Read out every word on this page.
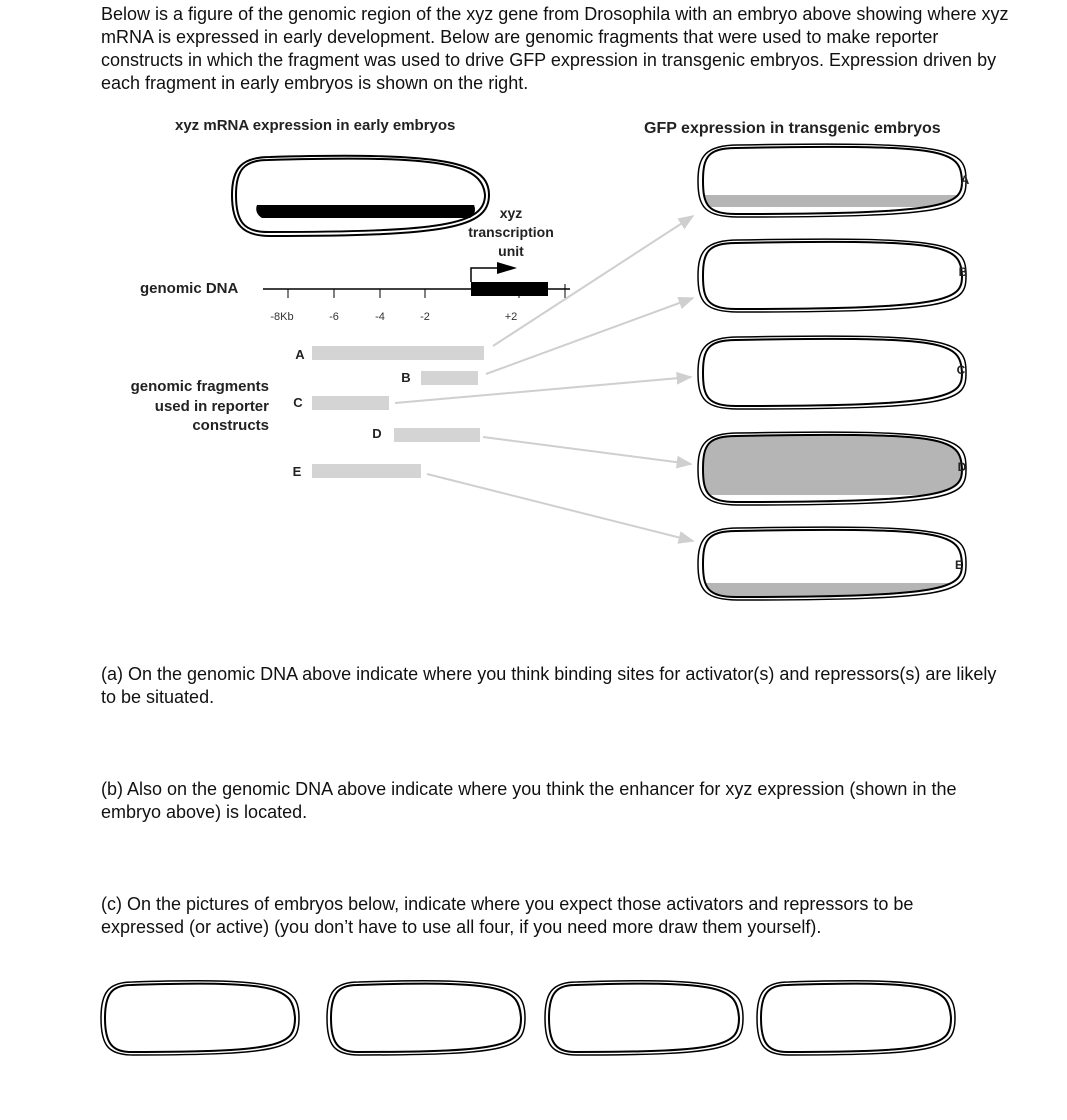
Below is a figure of the genomic region of the xyz gene from Drosophila with an embryo above showing where xyz mRNA is expressed in early development. Below are genomic fragments that were used to make reporter constructs in which the fragment was used to drive GFP expression in transgenic embryos. Expression driven by each fragment in early embryos is shown on the right.

xyz mRNA expression in early embryos	GFP expression in transgenic embryos
xyz
transcription
unit
genomic DNA
-8Kb	-6	-4	-2	+2
genomic fragments
used in reporter
constructs
A
B
C
D
E
A
B
C
D
E

(a) On the genomic DNA above indicate where you think binding sites for activator(s) and repressors(s) are likely to be situated.

(b) Also on the genomic DNA above indicate where you think the enhancer for xyz expression (shown in the embryo above) is located.

(c) On the pictures of embryos below, indicate where you expect those activators and repressors to be expressed (or active) (you don’t have to use all four, if you need more draw them yourself).
